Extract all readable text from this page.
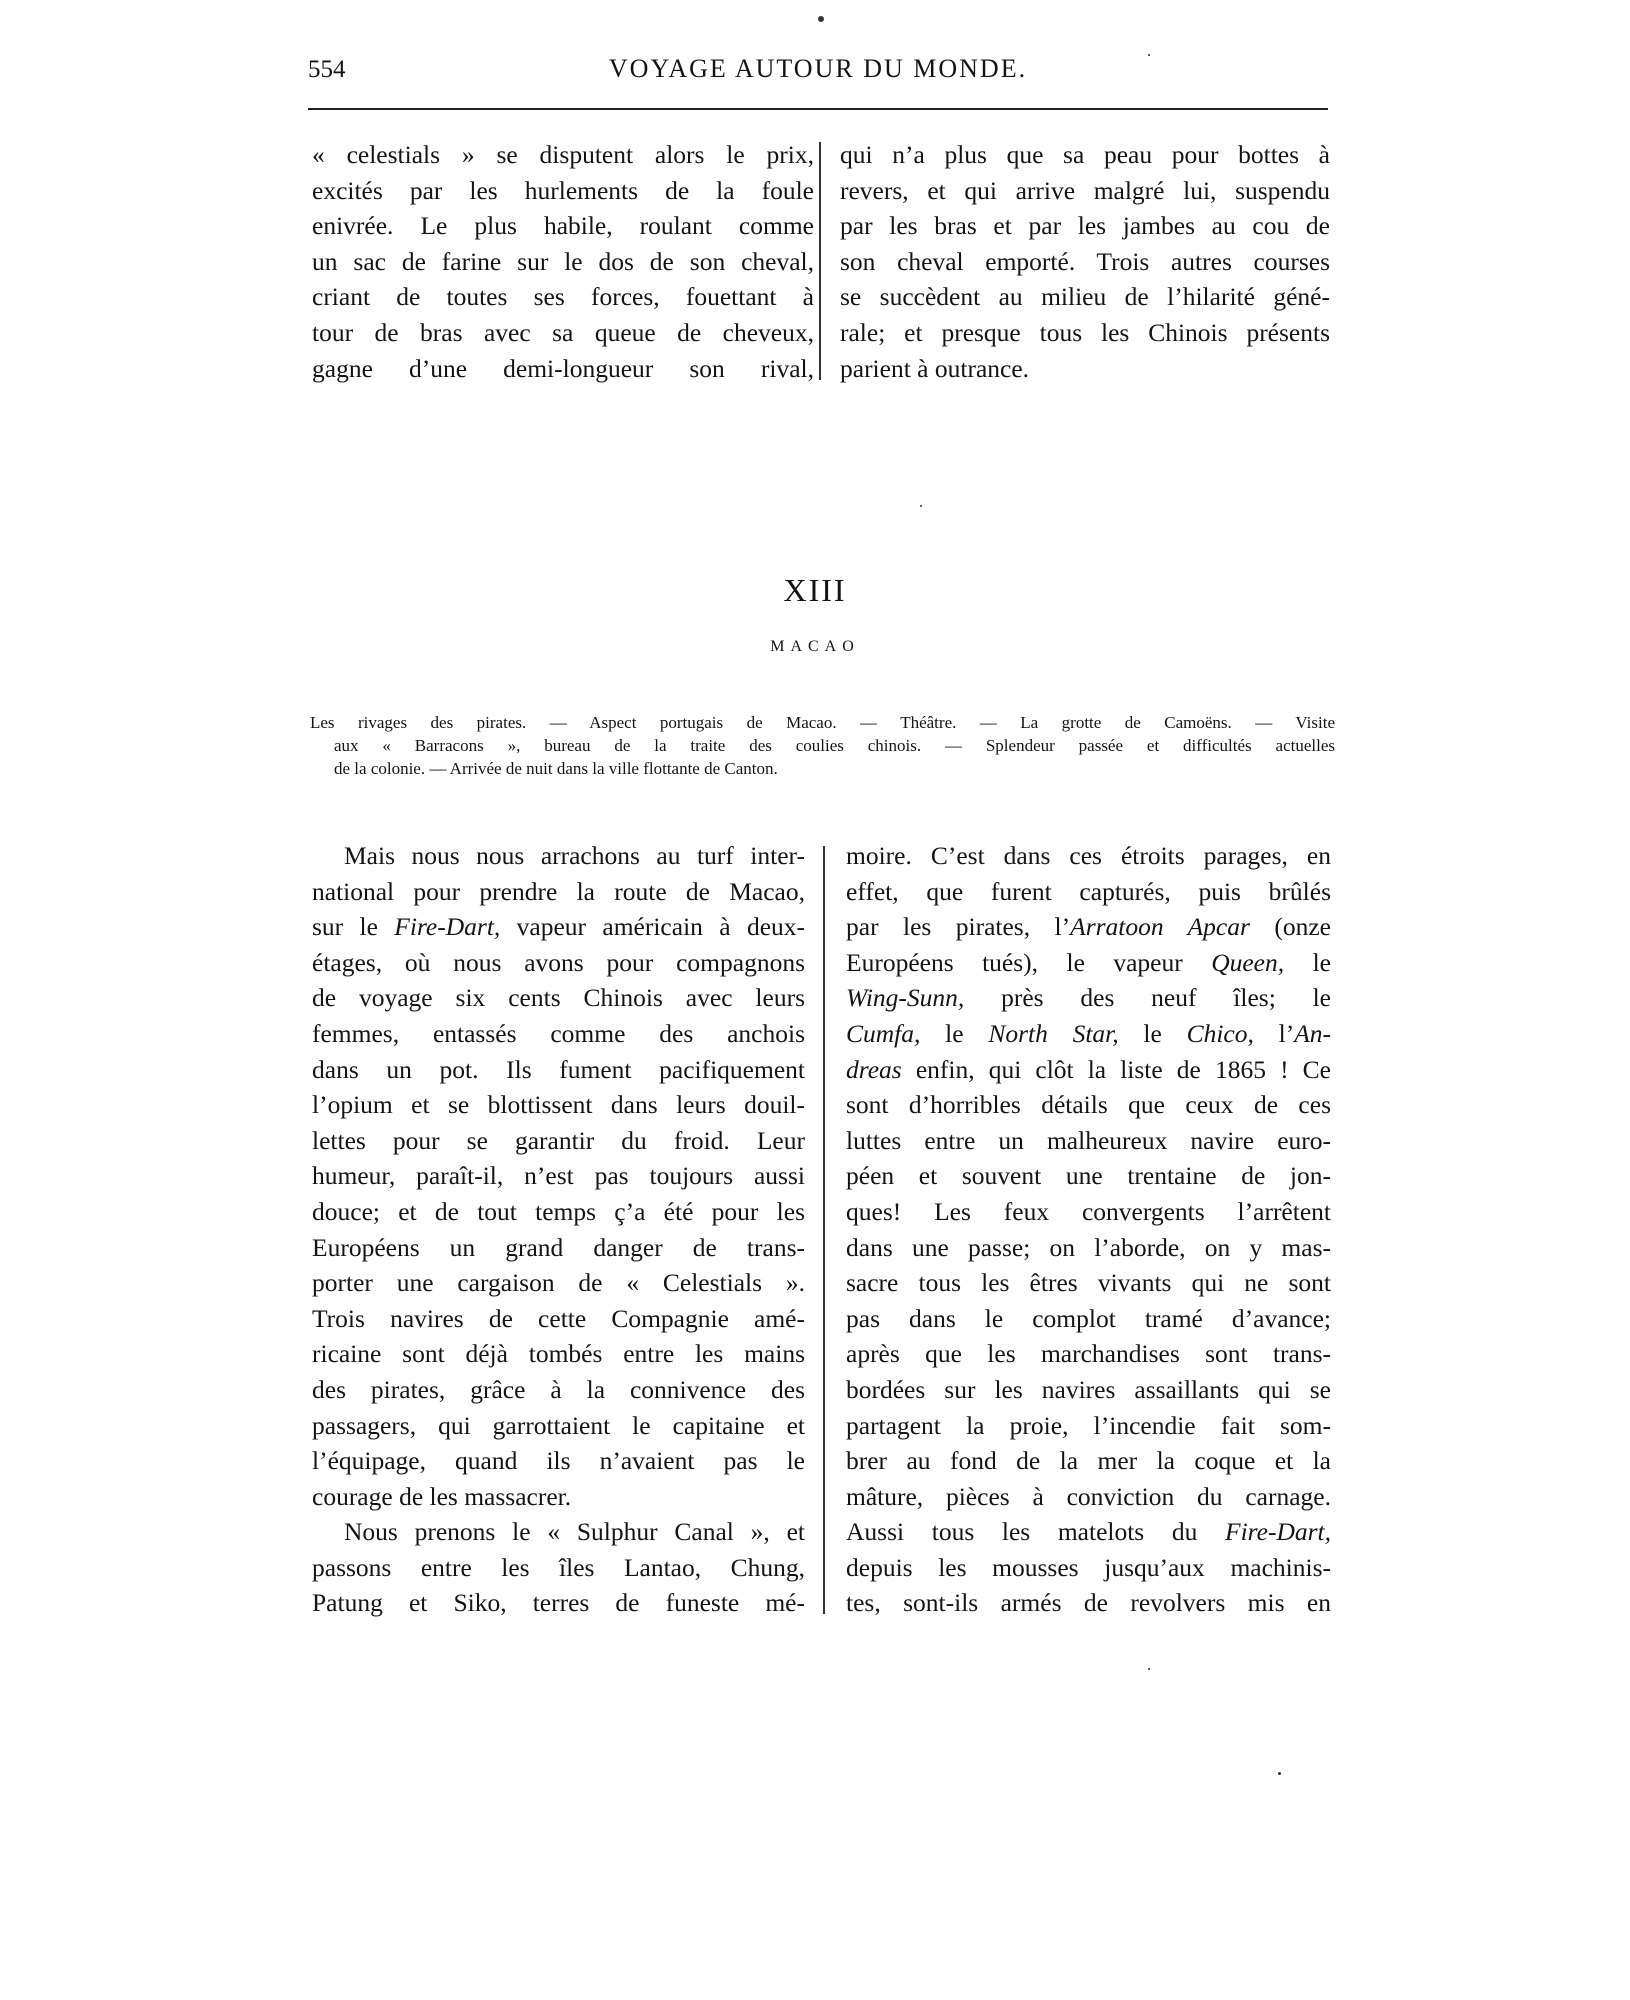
554	VOYAGE AUTOUR DU MONDE.
« celestials » se disputent alors le prix,
excités par les hurlements de la foule
enivrée. Le plus habile, roulant comme
un sac de farine sur le dos de son cheval,
criant de toutes ses forces, fouettant à
tour de bras avec sa queue de cheveux,
gagne d’une demi-longueur son rival,
qui n’a plus que sa peau pour bottes à
revers, et qui arrive malgré lui, suspendu
par les bras et par les jambes au cou de
son cheval emporté. Trois autres courses
se succèdent au milieu de l’hilarité géné-
rale; et presque tous les Chinois présents
parient à outrance.
XIII
MACAO
Les rivages des pirates. — Aspect portugais de Macao. — Théâtre. — La grotte de Camoëns. — Visite
aux « Barracons », bureau de la traite des coulies chinois. — Splendeur passée et difficultés actuelles
de la colonie. — Arrivée de nuit dans la ville flottante de Canton.
Mais nous nous arrachons au turf inter-
national pour prendre la route de Macao,
sur le Fire-Dart, vapeur américain à deux-
étages, où nous avons pour compagnons
de voyage six cents Chinois avec leurs
femmes, entassés comme des anchois
dans un pot. Ils fument pacifiquement
l’opium et se blottissent dans leurs douil-
lettes pour se garantir du froid. Leur
humeur, paraît-il, n’est pas toujours aussi
douce; et de tout temps ç’a été pour les
Européens un grand danger de trans-
porter une cargaison de « Celestials ».
Trois navires de cette Compagnie amé-
ricaine sont déjà tombés entre les mains
des pirates, grâce à la connivence des
passagers, qui garrottaient le capitaine et
l’équipage, quand ils n’avaient pas le
courage de les massacrer.
Nous prenons le « Sulphur Canal », et
passons entre les îles Lantao, Chung,
Patung et Siko, terres de funeste mé-
moire. C’est dans ces étroits parages, en
effet, que furent capturés, puis brûlés
par les pirates, l’Arratoon Apcar (onze
Européens tués), le vapeur Queen, le
Wing-Sunn, près des neuf îles; le
Cumfa, le North Star, le Chico, l’An-
dreas enfin, qui clôt la liste de 1865 ! Ce
sont d’horribles détails que ceux de ces
luttes entre un malheureux navire euro-
péen et souvent une trentaine de jon-
ques! Les feux convergents l’arrêtent
dans une passe; on l’aborde, on y mas-
sacre tous les êtres vivants qui ne sont
pas dans le complot tramé d’avance;
après que les marchandises sont trans-
bordées sur les navires assaillants qui se
partagent la proie, l’incendie fait som-
brer au fond de la mer la coque et la
mâture, pièces à conviction du carnage.
Aussi tous les matelots du Fire-Dart,
depuis les mousses jusqu’aux machinis-
tes, sont-ils armés de revolvers mis en
